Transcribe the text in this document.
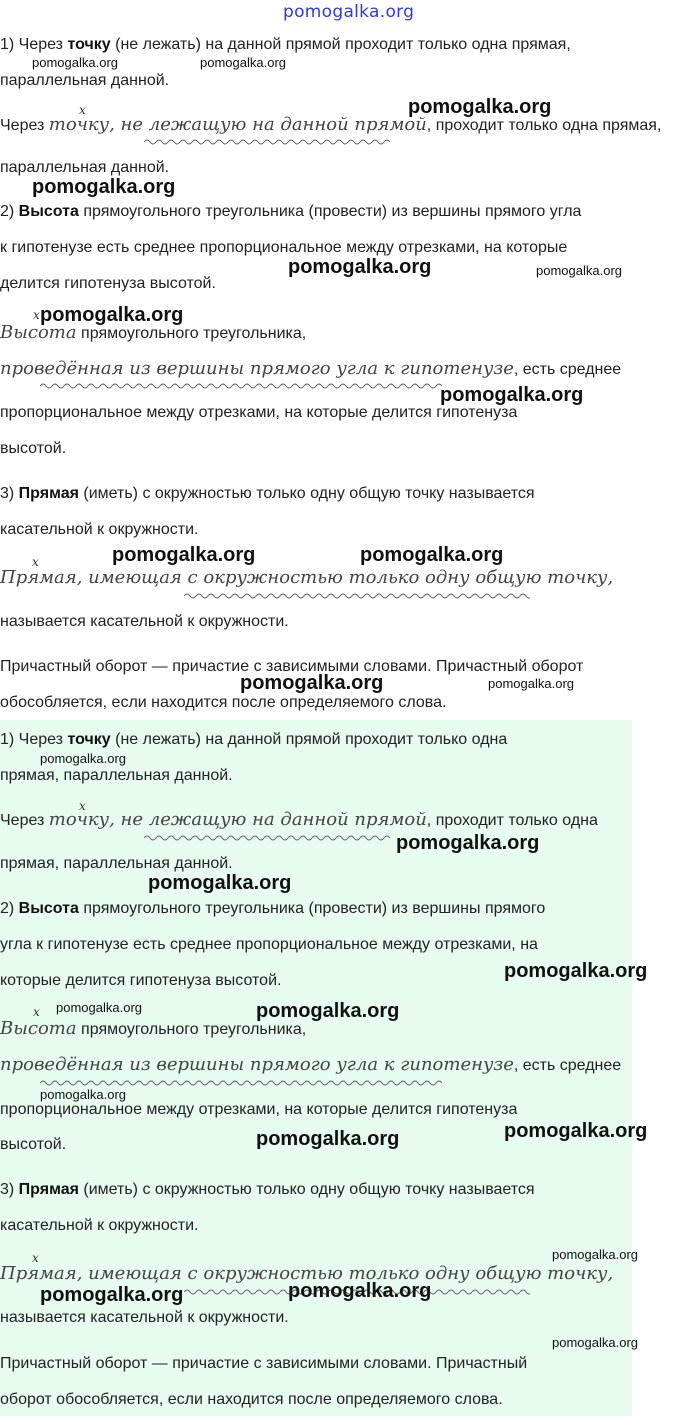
pomogalka.org
1) Через точку (не лежать) на данной прямой проходит только одна прямая,
параллельная данной.
x
Через точку, не лежащую на данной прямой, проходит только одна прямая,
параллельная данной.
2) Высота прямоугольного треугольника (провести) из вершины прямого угла
к гипотенузе есть среднее пропорциональное между отрезками, на которые
делится гипотенуза высотой.
x
Высота прямоугольного треугольника,
проведённая из вершины прямого угла к гипотенузе, есть среднее
пропорциональное между отрезками, на которые делится гипотенуза
высотой.
3) Прямая (иметь) с окружностью только одну общую точку называется
касательной к окружности.
x
Прямая, имеющая с окружностью только одну общую точку,
называется касательной к окружности.
Причастный оборот — причастие с зависимыми словами. Причастный оборот
обособляется, если находится после определяемого слова.
1) Через точку (не лежать) на данной прямой проходит только одна
прямая, параллельная данной.
x
Через точку, не лежащую на данной прямой, проходит только одна
прямая, параллельная данной.
2) Высота прямоугольного треугольника (провести) из вершины прямого
угла к гипотенузе есть среднее пропорциональное между отрезками, на
которые делится гипотенуза высотой.
x
Высота прямоугольного треугольника,
проведённая из вершины прямого угла к гипотенузе, есть среднее
пропорциональное между отрезками, на которые делится гипотенуза
высотой.
3) Прямая (иметь) с окружностью только одну общую точку называется
касательной к окружности.
x
Прямая, имеющая с окружностью только одну общую точку,
называется касательной к окружности.
Причастный оборот — причастие с зависимыми словами. Причастный
оборот обособляется, если находится после определяемого слова.
pomogalka.org	pomogalka.org
pomogalka.org
pomogalka.org
pomogalka.org	pomogalka.org
pomogalka.org
pomogalka.org
pomogalka.org	pomogalka.org
pomogalka.org	pomogalka.org
pomogalka.org
pomogalka.org
pomogalka.org
pomogalka.org
pomogalka.org	pomogalka.org
pomogalka.org
pomogalka.org	pomogalka.org
pomogalka.org
pomogalka.org	pomogalka.org
pomogalka.org
